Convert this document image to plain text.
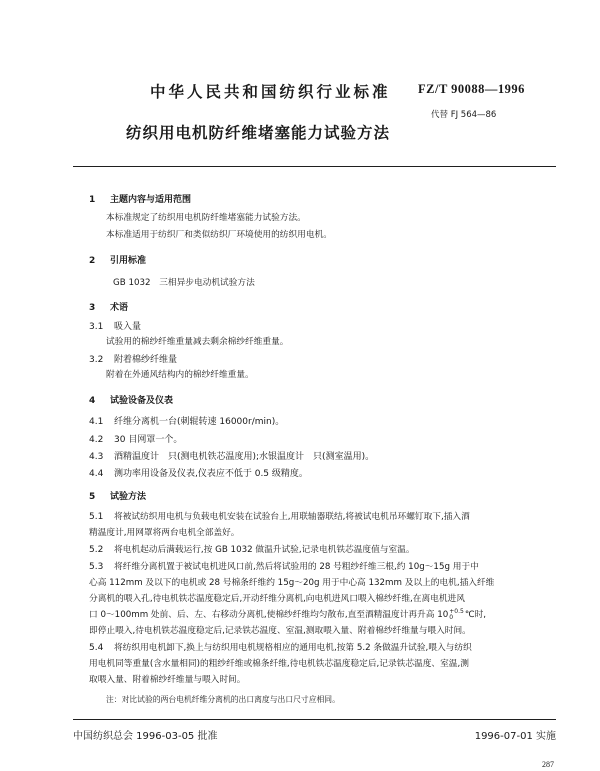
中华人民共和国纺织行业标准 FZ/T 90088—1996
代替 FJ 564—86
纺织用电机防纤维堵塞能力试验方法
1 主题内容与适用范围
本标准规定了纺织用电机防纤维堵塞能力试验方法。
本标准适用于纺织厂和类似纺织厂环境使用的纺织用电机。
2 引用标准
GB 1032　三相异步电动机试验方法
3 术语
3.1 吸入量
试验用的棉纱纤维重量减去剩余棉纱纤维重量。
3.2 附着棉纱纤维量
附着在外通风结构内的棉纱纤维重量。
4 试验设备及仪表
4.1 纤维分离机一台(刺辊转速 16000r/min)。
4.2 30 目网罩一个。
4.3 酒精温度计　只(测电机铁芯温度用);水银温度计　只(测室温用)。
4.4 测功率用设备及仪表,仪表应不低于 0.5 级精度。
5 试验方法
5.1 将被试纺织用电机与负载电机安装在试验台上,用联轴器联结,将被试电机吊环螺钉取下,插入酒
精温度计,用网罩将两台电机全部盖好。
5.2 将电机起动后满载运行,按 GB 1032 做温升试验,记录电机铁芯温度值与室温。
5.3 将纤维分离机置于被试电机进风口前,然后将试验用的 28 号粗纱纤维三根,约 10g～15g 用于中
心高 112mm 及以下的电机或 28 号棉条纤维约 15g～20g 用于中心高 132mm 及以上的电机,插入纤维
分离机的喂入孔,待电机铁芯温度稳定后,开动纤维分离机,向电机进风口喂入棉纱纤维,在离电机进风
口 0～100mm 处前、后、左、右移动分离机,使棉纱纤维均匀散布,直至酒精温度计再升高 10 +0.5
0	℃时,
即停止喂入,待电机铁芯温度稳定后,记录铁芯温度、室温,测取喂入量、附着棉纱纤维量与喂入时间。
5.4 将纺织用电机卸下,换上与纺织用电机规格相应的通用电机,按第 5.2 条做温升试验,喂入与纺织
用电机同等重量(含水量相同)的粗纱纤维或棉条纤维,待电机铁芯温度稳定后,记录铁芯温度、室温,测
取喂入量、附着棉纱纤维量与喂入时间。
注：对比试验的两台电机纤维分离机的出口离度与出口尺寸应相同。
中国纺织总会 1996-03-05 批准	1996-07-01 实施
287
